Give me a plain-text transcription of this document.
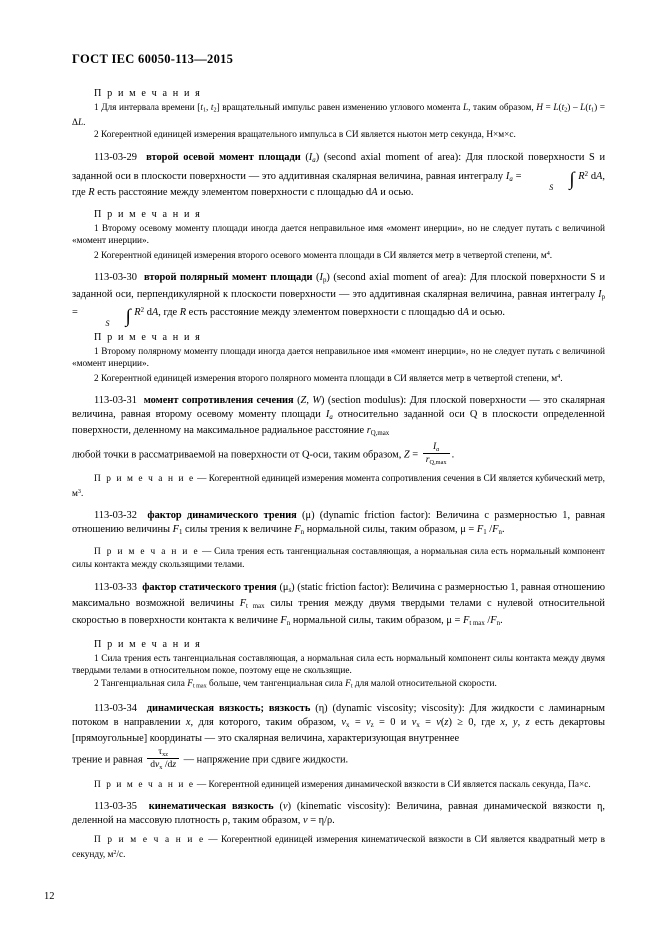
ГОСТ IEC 60050-113—2015

П р и м е ч а н и я

1 Для интервала времени [$t_1$, $t_2$] вращательный импульс равен изменению углового момента L, таким образом, $H = L(t_2) - L(t_1) = \Delta L$.

2 Когерентной единицей измерения вращательного импульса в СИ является ньютон метр секунда, Н×м×с.

113-03-29 второй осевой момент площади $(I_a)$ (second axial moment of area): Для плоской поверхности S и заданной оси в плоскости поверхности — это аддитивная скалярная величина, равная интегралу $I_a$ = ∫
S
$R^2$ dA, где R есть расстояние между элементом поверхности с площадью dA и осью.

П р и м е ч а н и я

1 Второму осевому моменту площади иногда дается неправильное имя «момент инерции», но не следует путать с величиной «момент инерции».

2 Когерентной единицей измерения второго осевого момента площади в СИ является метр в четвертой степени, $м^4$.

113-03-30 второй полярный момент площади $(I_p)$ (second axial moment of area): Для плоской поверхности S и заданной оси, перпендикулярной к плоскости поверхности — это аддитивная скалярная величина, равная интегралу $I_p$ = ∫
S
$R^2$ dA, где R есть расстояние между элементом поверхности с площадью dA и осью.

П р и м е ч а н и я

1 Второму полярному моменту площади иногда дается неправильное имя «момент инерции», но не следует путать с величиной «момент инерции».

2 Когерентной единицей измерения второго полярного момента площади в СИ является метр в четвертой степени, $м^4$.

113-03-31 момент сопротивления сечения (Z, W) (section modulus): Для плоской поверхности — это скалярная величина, равная второму осевому моменту площади $I_a$ относительно заданной оси Q в плоскости определенной поверхности, деленному на максимальное радиальное расстояние $r_{Q,max}$

любой точки в рассматриваемой на поверхности от Q-оси, таким образом, $Z = \frac{I_a}{r_{Q,max}}$ .

П р и м е ч а н и е — Когерентной единицей измерения момента сопротивления сечения в СИ является кубический метр, $м^3$.

113-03-32 фактор динамического трения (μ) (dynamic friction factor): Величина с размерностью 1, равная отношению величины $F_1$ силы трения к величине $F_n$ нормальной силы, таким образом, $\mu = F_1$ $/F_n$.

П р и м е ч а н и е — Сила трения есть тангенциальная составляющая, а нормальная сила есть нормальный компонент силы контакта между скользящими телами.

113-03-33 фактор статического трения $(\mu_s)$ (static friction factor): Величина с размерностью 1, равная отношению максимально возможной величины $F_{t max}$ силы трения между двумя твердыми телами с нулевой относительной скоростью в поверхности контакта к величине $F_n$ нормальной силы, таким образом, $\mu = F_{t max}$ $/F_n$.

П р и м е ч а н и я

1 Сила трения есть тангенциальная составляющая, а нормальная сила есть нормальный компонент силы контакта между двумя твердыми телами в относительном покое, поэтому еще не скользящие.

2 Тангенциальная сила $F_{t max}$ больше, чем тангенциальная сила $F_t$ для малой относительной скорости.

113-03-34 динамическая вязкость; вязкость (η) (dynamic viscosity; viscosity): Для жидкости с ламинарным потоком в направлении x, для которого, таким образом, $v_x = v_z = 0$ и $v_x = v(z) \ge 0$, где x, y, z есть декартовы [прямоугольные] координаты — это скалярная величина, характеризующая внутреннее

трение и равная $\frac{\tau_{xz}}{dv_x /dz}$ — напряжение при сдвиге жидкости.

П р и м е ч а н и е — Когерентной единицей измерения динамической вязкости в СИ является паскаль секунда, Па×с.

113-03-35 кинематическая вязкость (v) (kinematic viscosity): Величина, равная динамической вязкости η, деленной на массовую плотность ρ, таким образом, v = η/ρ.

П р и м е ч а н и е — Когерентной единицей измерения кинематической вязкости в СИ является квадратный метр в секунду, $м^2/с$.

12
